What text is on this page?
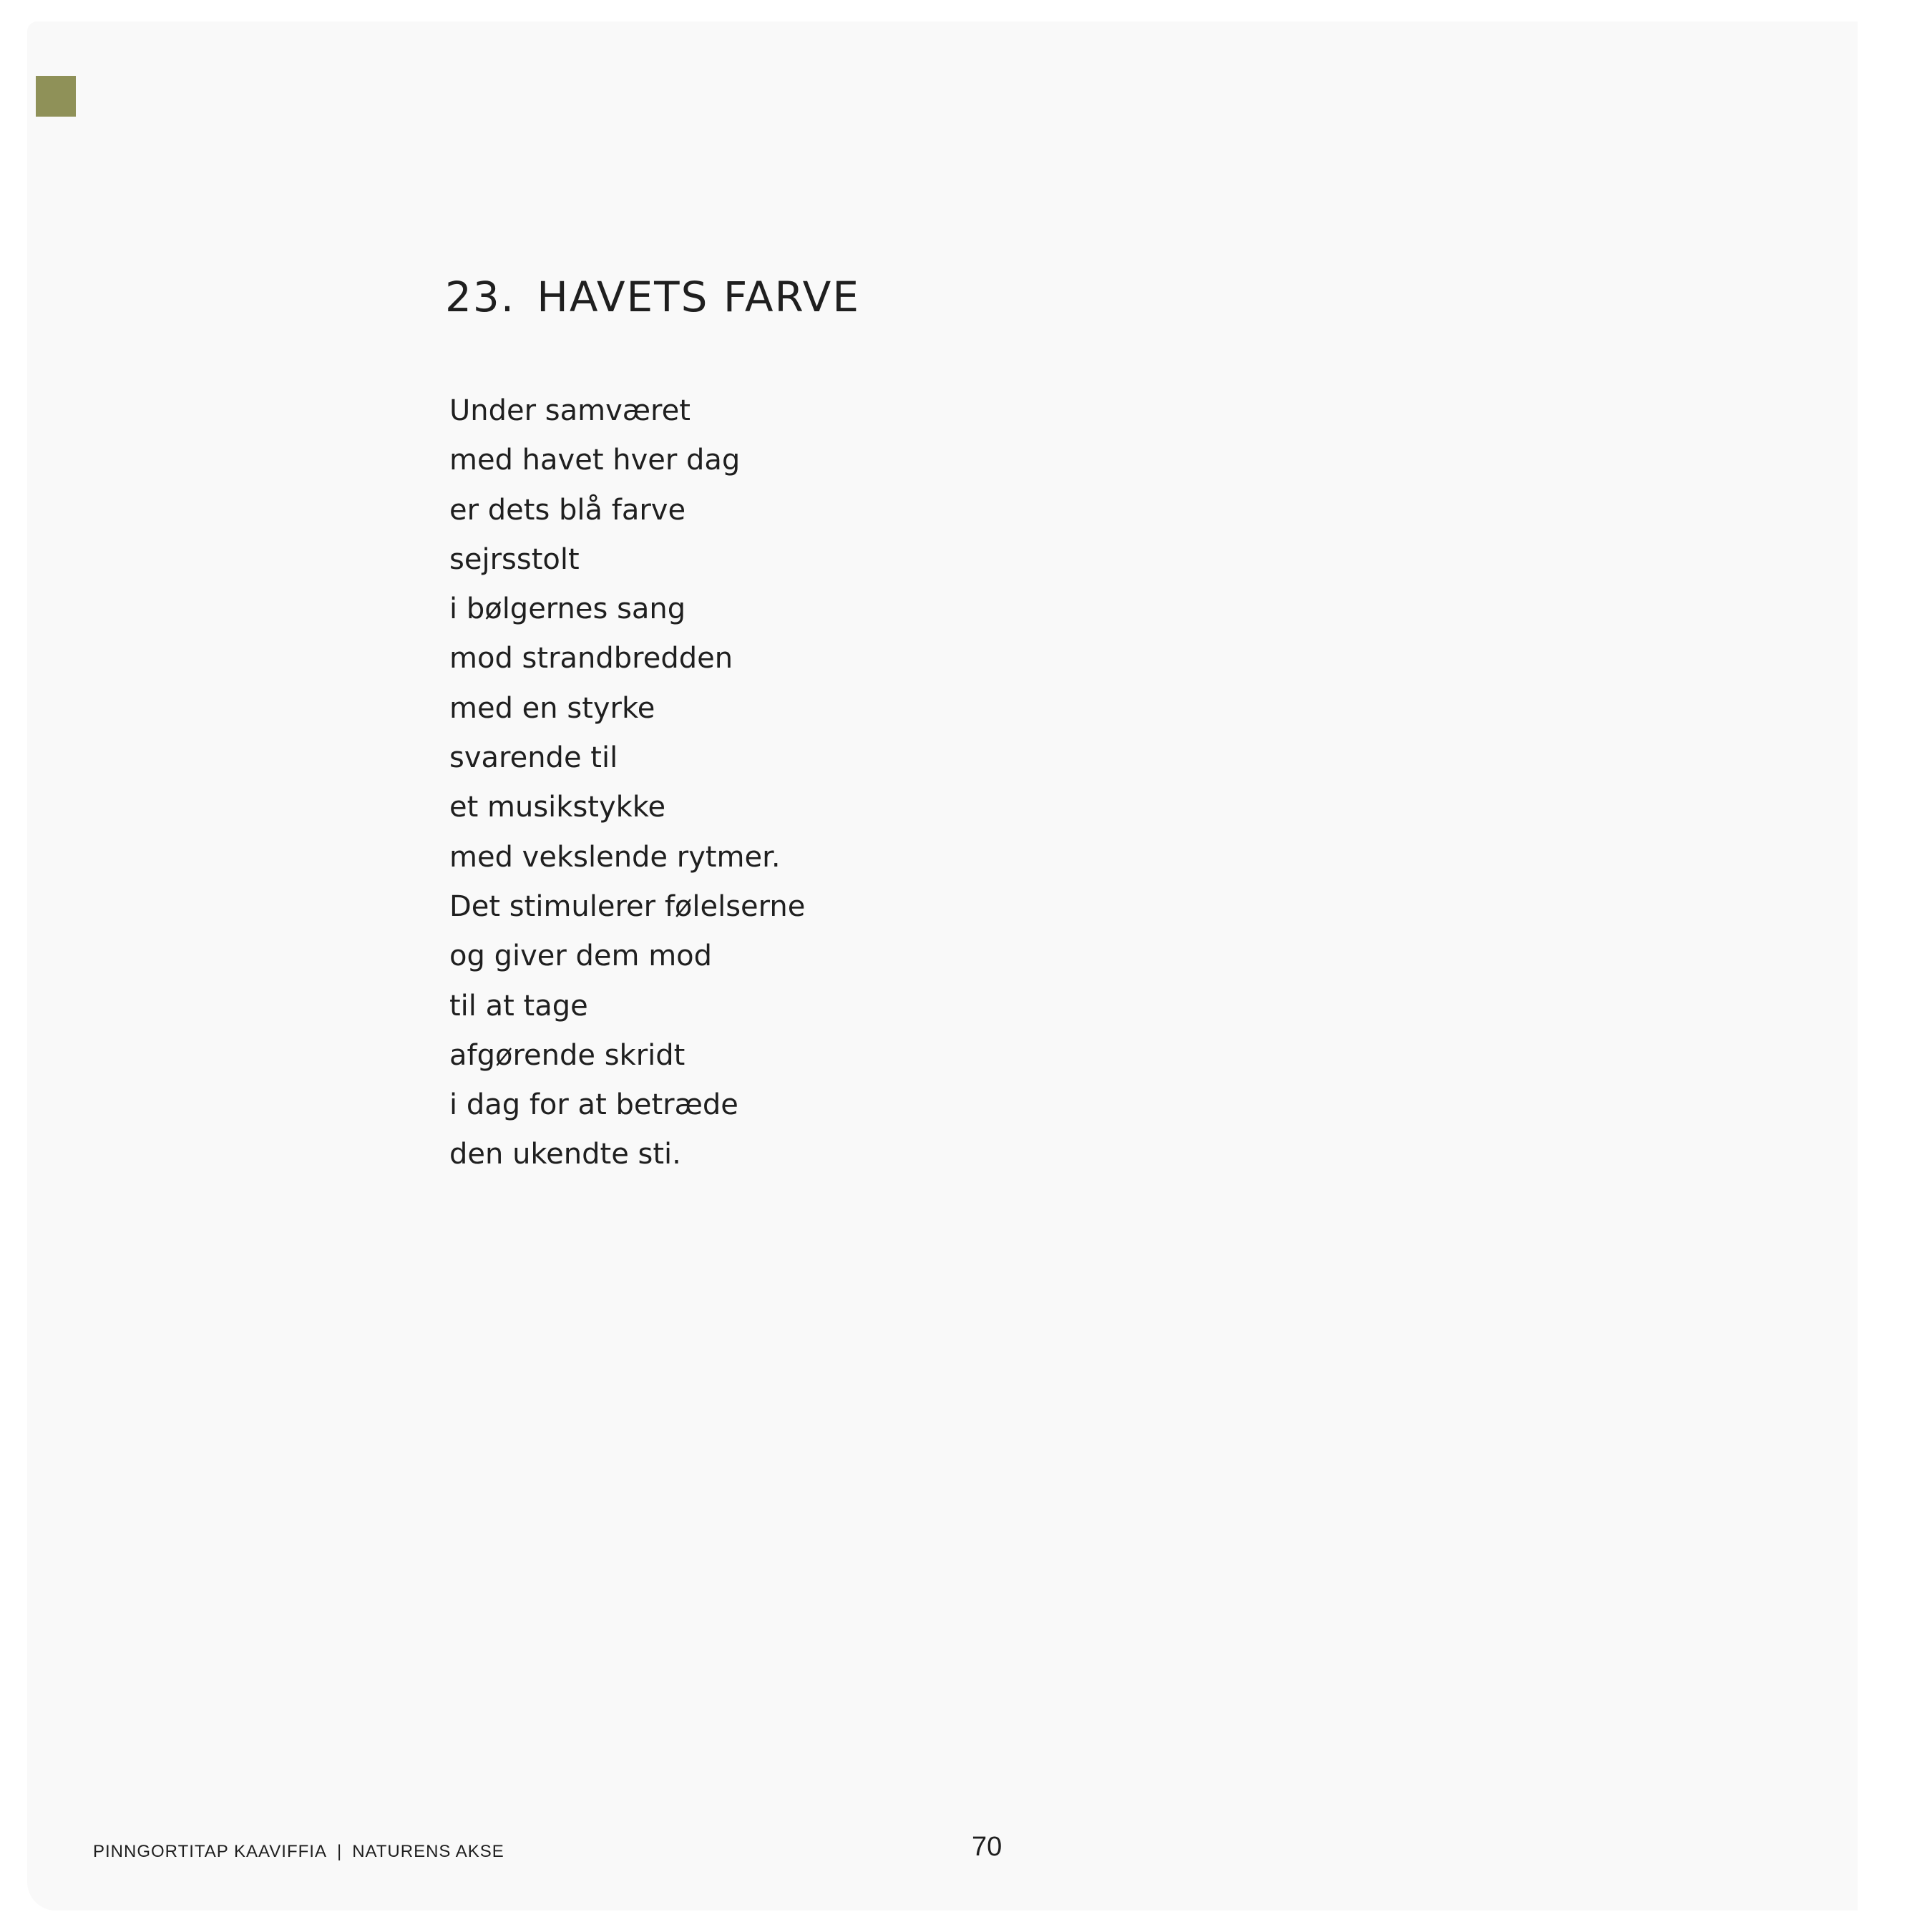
23. HAVETS FARVE
Under samværet
med havet hver dag
er dets blå farve
sejrsstolt
i bølgernes sang
mod strandbredden
med en styrke
svarende til
et musikstykke
med vekslende rytmer.
Det stimulerer følelserne
og giver dem mod
til at tage
afgørende skridt
i dag for at betræde
den ukendte sti.
PINNGORTITAP KAAVIFFIA | NATURENS AKSE	70
